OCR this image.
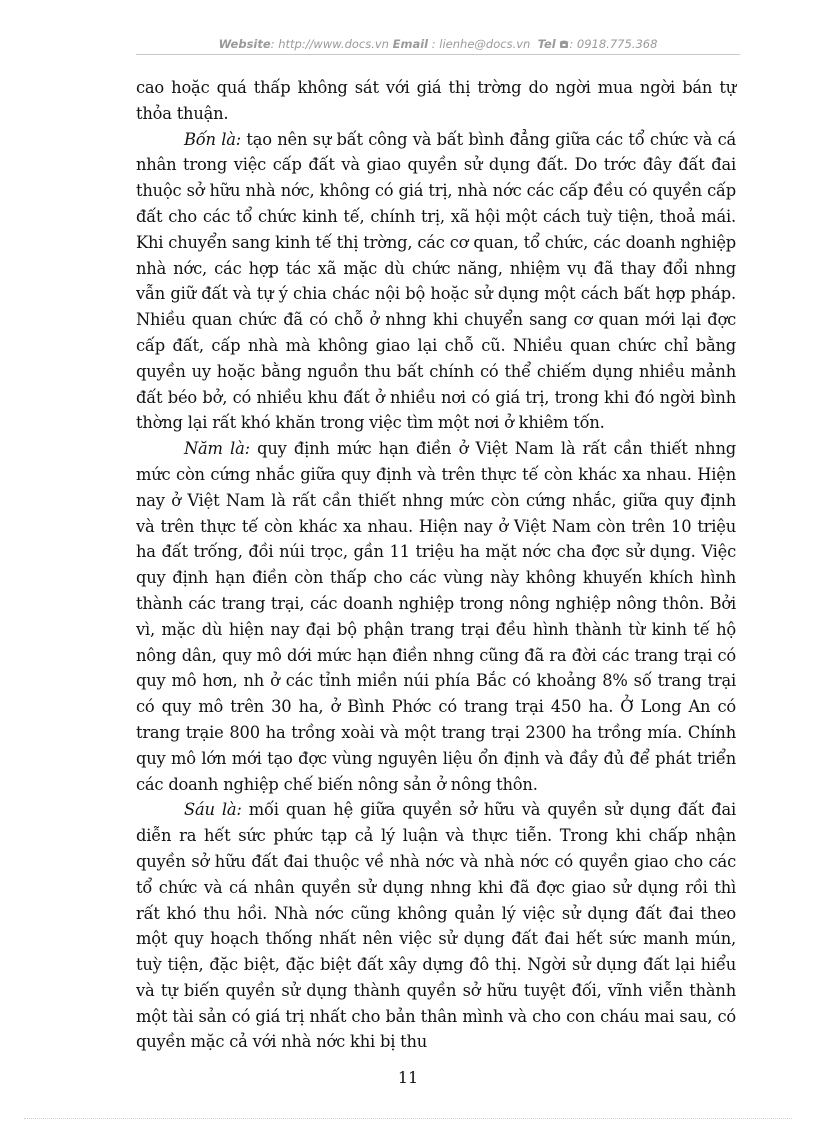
Website: http://www.docs.vn Email : lienhe@docs.vn Tel : 0918.775.368

cao hoặc quá thấp không sát với giá thị trờng do ngời mua ngời bán tự thỏa thuận.

Bốn là: tạo nên sự bất công và bất bình đẳng giữa các tổ chức và cá nhân trong việc cấp đất và giao quyền sử dụng đất. Do trớc đây đất đai thuộc sở hữu nhà nớc, không có giá trị, nhà nớc các cấp đều có quyền cấp đất cho các tổ chức kinh tế, chính trị, xã hội một cách tuỳ tiện, thoả mái. Khi chuyển sang kinh tế thị trờng, các cơ quan, tổ chức, các doanh nghiệp nhà nớc, các hợp tác xã mặc dù chức năng, nhiệm vụ đã thay đổi nhng vẫn giữ đất và tự ý chia chác nội bộ hoặc sử dụng một cách bất hợp pháp. Nhiều quan chức đã có chỗ ở nhng khi chuyển sang cơ quan mới lại đợc cấp đất, cấp nhà mà không giao lại chỗ cũ. Nhiều quan chức chỉ bằng quyền uy hoặc bằng nguồn thu bất chính có thể chiếm dụng nhiều mảnh đất béo bở, có nhiều khu đất ở nhiều nơi có giá trị, trong khi đó ngời bình thờng lại rất khó khăn trong việc tìm một nơi ở khiêm tốn.

Năm là: quy định mức hạn điền ở Việt Nam là rất cần thiết nhng mức còn cứng nhắc giữa quy định và trên thực tế còn khác xa nhau. Hiện nay ở Việt Nam là rất cần thiết nhng mức còn cứng nhắc, giữa quy định và trên thực tế còn khác xa nhau. Hiện nay ở Việt Nam còn trên 10 triệu ha đất trống, đồi núi trọc, gần 11 triệu ha mặt nớc cha đợc sử dụng. Việc quy định hạn điền còn thấp cho các vùng này không khuyến khích hình thành các trang trại, các doanh nghiệp trong nông nghiệp nông thôn. Bởi vì, mặc dù hiện nay đại bộ phận trang trại đều hình thành từ kinh tế hộ nông dân, quy mô dới mức hạn điền nhng cũng đã ra đời các trang trại có quy mô hơn, nh ở các tỉnh miền núi phía Bắc có khoảng 8% số trang trại có quy mô trên 30 ha, ở Bình Phớc có trang trại 450 ha. Ở Long An có trang trạie 800 ha trồng xoài và một trang trại 2300 ha trồng mía. Chính quy mô lớn mới tạo đợc vùng nguyên liệu ổn định và đầy đủ để phát triển các doanh nghiệp chế biến nông sản ở nông thôn.

Sáu là: mối quan hệ giữa quyền sở hữu và quyền sử dụng đất đai diễn ra hết sức phức tạp cả lý luận và thực tiễn. Trong khi chấp nhận quyền sở hữu đất đai thuộc về nhà nớc và nhà nớc có quyền giao cho các tổ chức và cá nhân quyền sử dụng nhng khi đã đợc giao sử dụng rồi thì rất khó thu hồi. Nhà nớc cũng không quản lý việc sử dụng đất đai theo một quy hoạch thống nhất nên việc sử dụng đất đai hết sức manh mún, tuỳ tiện, đặc biệt, đặc biệt đất xây dựng đô thị. Ngời sử dụng đất lại hiểu và tự biến quyền sử dụng thành quyền sở hữu tuyệt đối, vĩnh viễn thành một tài sản có giá trị nhất cho bản thân mình và cho con cháu mai sau, có quyền mặc cả với nhà nớc khi bị thu

11
